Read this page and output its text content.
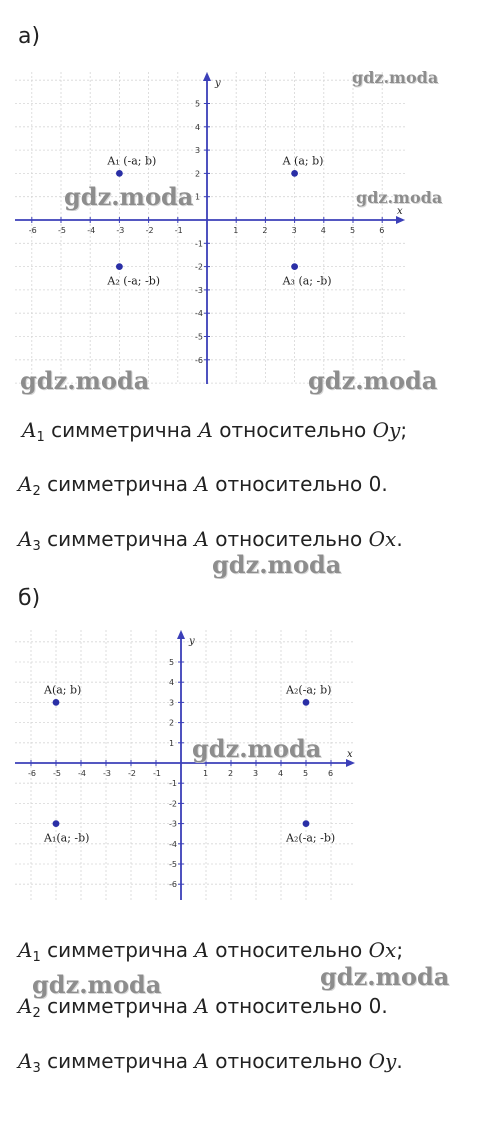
а)
x
y
-6	-5	-4	-3	-2	-1	1	2	3	4	5	6
5
4
3
2
1
-1
-2
-3
-4
-5
-6
A (a; b)
A₁ (-a; b)
A₂ (-a; -b)	A₃ (a; -b)
$A_1$ симметрична A относительно Oy;
$A_2$ симметрична A относительно 0.
$A_3$ симметрична A относительно Ox.
б)
x
y
-6 -5 -4 -3 -2 -1	1 2 3 4 5 6
5
4
3
2
1
-1
-2
-3
-4
-5
-6
A(a; b)	A₂(-a; b)
A₁(a; -b)	A₂(-a; -b)
$A_1$ симметрична A относительно Ox;
$A_2$ симметрична A относительно 0.
$A_3$ симметрична A относительно Oy.
gdz.moda
gdz.moda	gdz.moda
gdz.moda	gdz.moda
gdz.moda
gdz.moda
gdz.moda	gdz.moda
